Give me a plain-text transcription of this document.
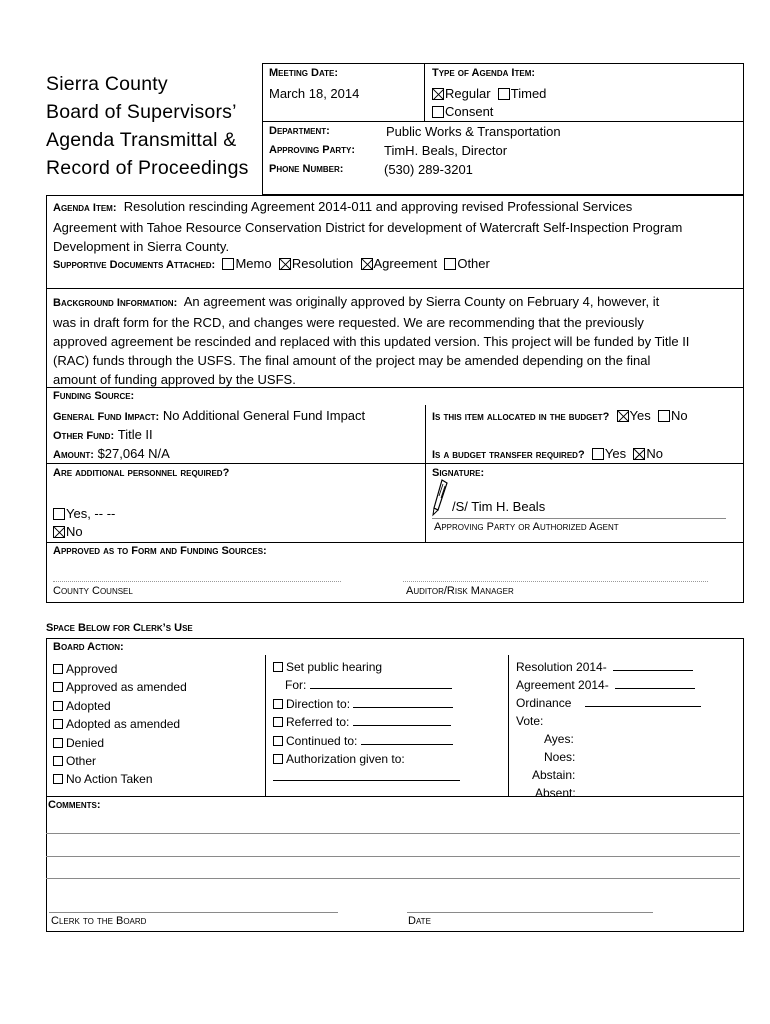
Sierra County
Board of Supervisors’
Agenda Transmittal &
Record of Proceedings
Meeting Date:
March 18, 2014
Type of Agenda Item:
Regular Timed
Consent
Department:	Public Works & Transportation
Approving Party: TimH. Beals, Director
Phone Number:	(530) 289-3201
Agenda Item: Resolution rescinding Agreement 2014-011 and approving revised Professional Services
Agreement with Tahoe Resource Conservation District for development of Watercraft Self-Inspection Program
Development in Sierra County.
Supportive Documents Attached: Memo Resolution Agreement Other
Background Information: An agreement was originally approved by Sierra County on February 4, however, it
was in draft form for the RCD, and changes were requested. We are recommending that the previously
approved agreement be rescinded and replaced with this updated version. This project will be funded by Title II
(RAC) funds through the USFS. The final amount of the project may be amended depending on the final
amount of funding approved by the USFS.
Funding Source:
General Fund Impact: No Additional General Fund Impact
Other Fund: Title II
Amount: $27,064 N/A
Is this item allocated in the budget? Yes No
Is a budget transfer required? Yes No
Are additional personnel required?
Yes, -- --
No
Signature:
/S/ Tim H. Beals
Approving Party or Authorized Agent
Approved as to Form and Funding Sources:
County Counsel	Auditor/Risk Manager
Space Below for Clerk’s Use
Board Action:
Approved
Approved as amended
Adopted
Adopted as amended
Denied
Other
No Action Taken
Set public hearing
For:
Direction to:
Referred to:
Continued to:
Authorization given to:
Resolution 2014-
Agreement 2014-
Ordinance
Vote:
Ayes:
Noes:
Abstain:
Absent:
Comments:
Clerk to the Board	Date
